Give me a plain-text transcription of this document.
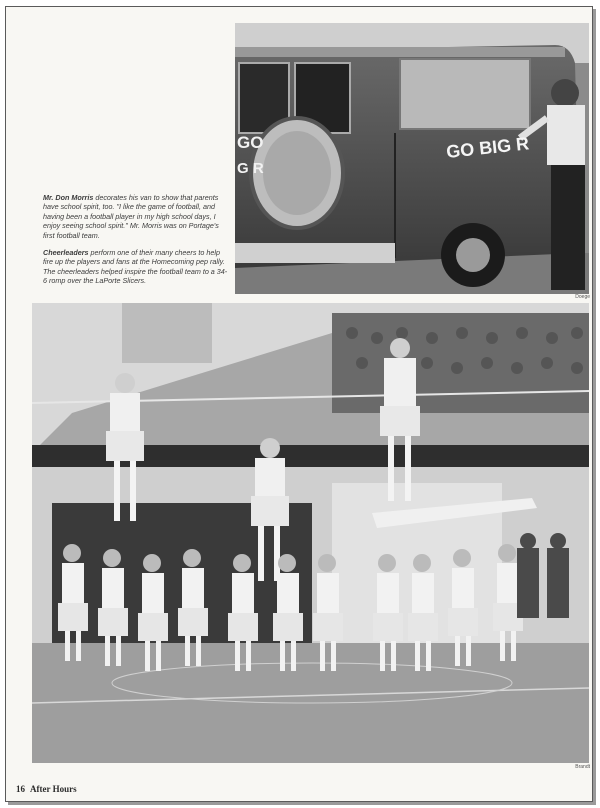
GO
G R
GO BIG R
Doege

Mr. Don Morris decorates his van to show that parents have school spirit, too. "I like the game of football, and having been a football player in my high school days, I enjoy seeing school spirit." Mr. Morris was on Portage's first football team.

Cheerleaders perform one of their many cheers to help fire up the players and fans at the Homecoming pep rally. The cheerleaders helped inspire the football team to a 34-6 romp over the LaPorte Slicers.

Brandt
16 After Hours
